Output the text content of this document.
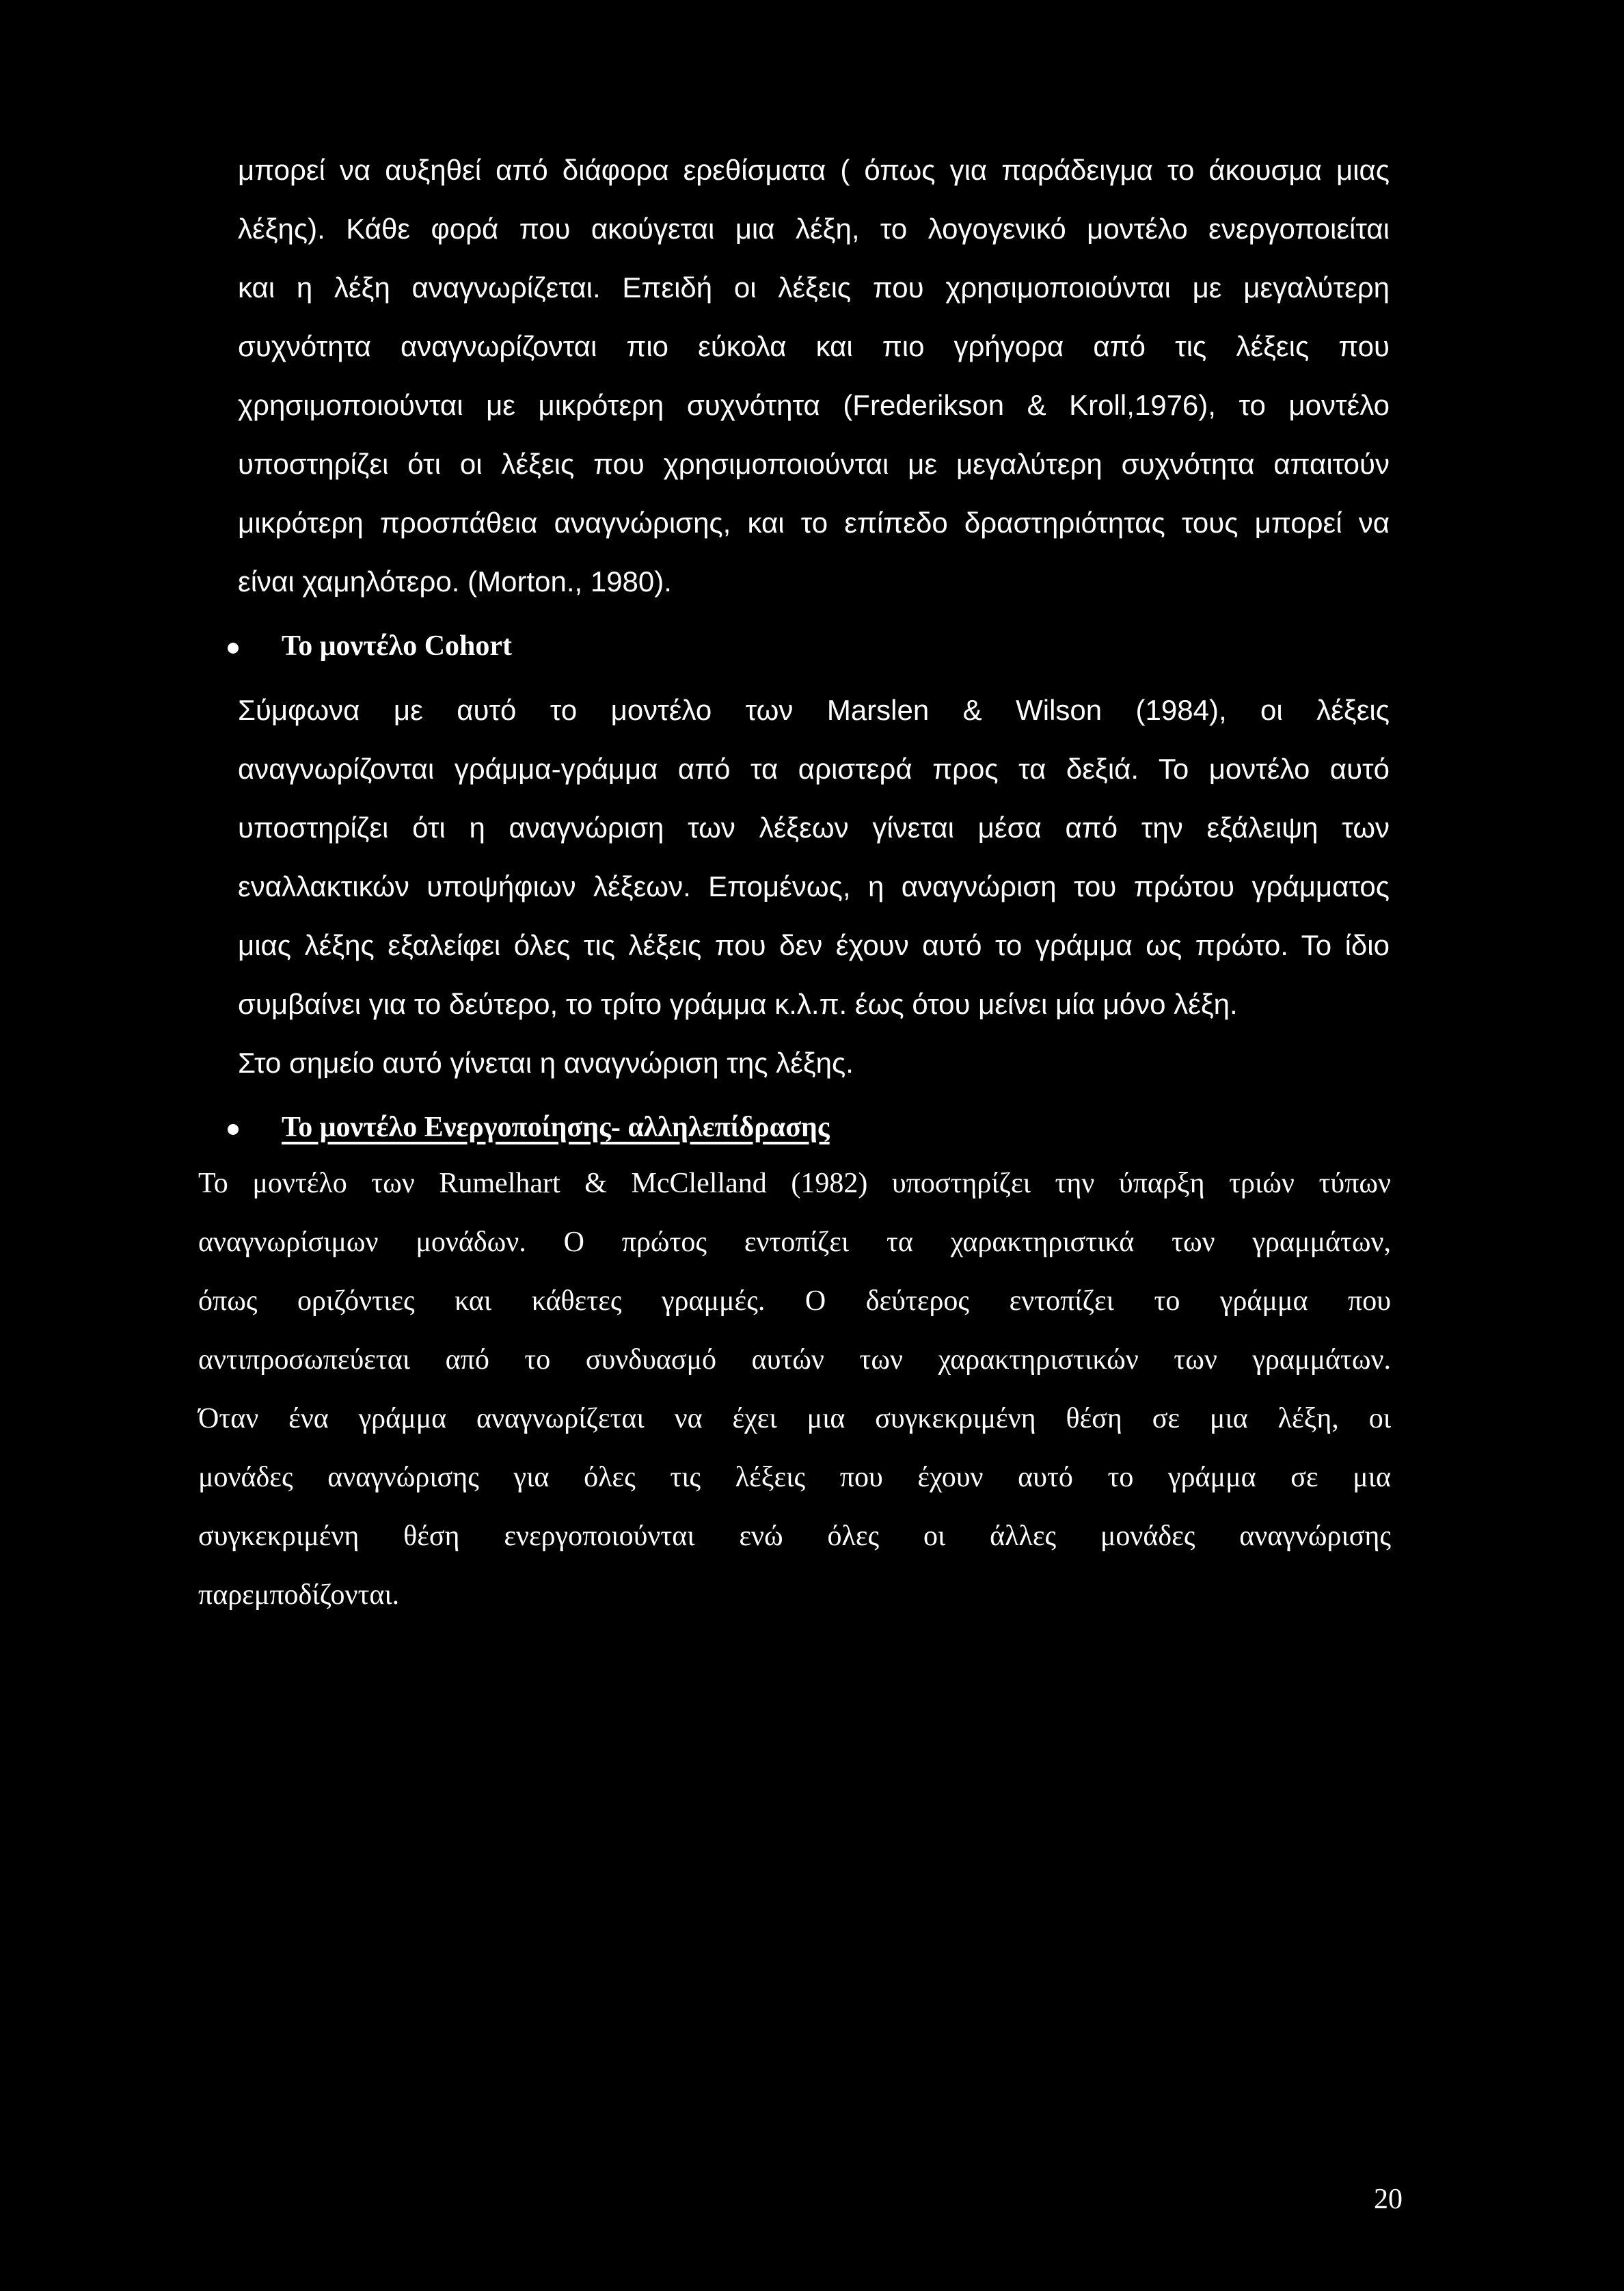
μπορεί να αυξηθεί από διάφορα ερεθίσματα ( όπως για παράδειγμα το άκουσμα μιας
λέξης). Κάθε φορά που ακούγεται μια λέξη, το λογογενικό μοντέλο ενεργοποιείται
και η λέξη αναγνωρίζεται. Επειδή οι λέξεις που χρησιμοποιούνται με μεγαλύτερη
συχνότητα αναγνωρίζονται πιο εύκολα και πιο γρήγορα από τις λέξεις που
χρησιμοποιούνται με μικρότερη συχνότητα (Frederikson & Kroll,1976), το μοντέλο
υποστηρίζει ότι οι λέξεις που χρησιμοποιούνται με μεγαλύτερη συχνότητα απαιτούν
μικρότερη προσπάθεια αναγνώρισης, και το επίπεδο δραστηριότητας τους μπορεί να
είναι χαμηλότερο. (Morton., 1980).
Το μοντέλο Cohort
Σύμφωνα με αυτό το μοντέλο των Marslen & Wilson (1984), οι λέξεις
αναγνωρίζονται γράμμα-γράμμα από τα αριστερά προς τα δεξιά. Το μοντέλο αυτό
υποστηρίζει ότι η αναγνώριση των λέξεων γίνεται μέσα από την εξάλειψη των
εναλλακτικών υποψήφιων λέξεων. Επομένως, η αναγνώριση του πρώτου γράμματος
μιας λέξης εξαλείφει όλες τις λέξεις που δεν έχουν αυτό το γράμμα ως πρώτο. Το ίδιο
συμβαίνει για το δεύτερο, το τρίτο γράμμα κ.λ.π. έως ότου μείνει μία μόνο λέξη.
Στο σημείο αυτό γίνεται η αναγνώριση της λέξης.
Το μοντέλο Ενεργοποίησης- αλληλεπίδρασης
Το μοντέλο των Rumelhart & McClelland (1982) υποστηρίζει την ύπαρξη τριών τύπων
αναγνωρίσιμων μονάδων. Ο πρώτος εντοπίζει τα χαρακτηριστικά των γραμμάτων,
όπως οριζόντιες και κάθετες γραμμές. Ο δεύτερος εντοπίζει το γράμμα που
αντιπροσωπεύεται από το συνδυασμό αυτών των χαρακτηριστικών των γραμμάτων.
Όταν ένα γράμμα αναγνωρίζεται να έχει μια συγκεκριμένη θέση σε μια λέξη, οι
μονάδες αναγνώρισης για όλες τις λέξεις που έχουν αυτό το γράμμα σε μια
συγκεκριμένη θέση ενεργοποιούνται ενώ όλες οι άλλες μονάδες αναγνώρισης
παρεμποδίζονται.
20
